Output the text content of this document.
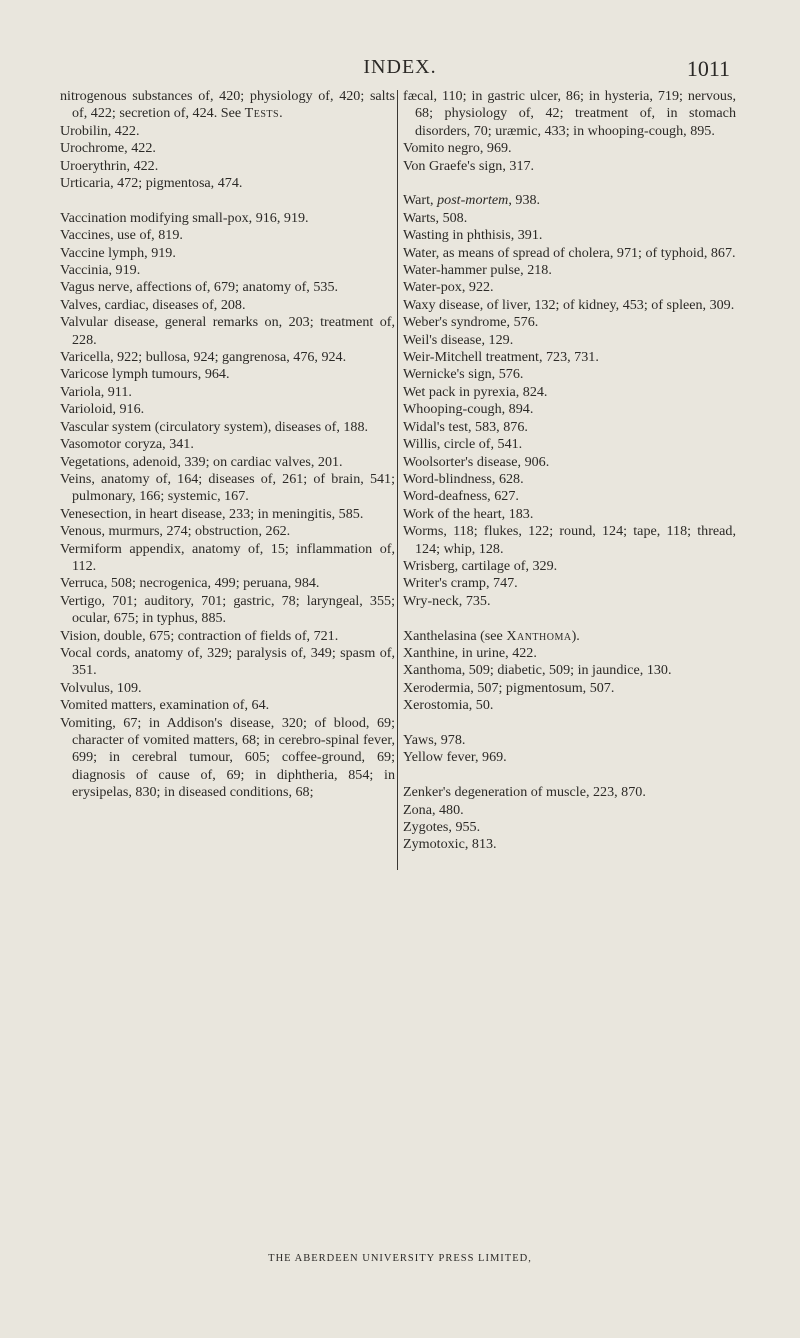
INDEX.	1011

nitrogenous substances of, 420; physiology of, 420; salts of, 422; secretion of, 424. See Tests.

Urobilin, 422.

Urochrome, 422.

Uroerythrin, 422.

Urticaria, 472; pigmentosa, 474.

Vaccination modifying small-pox, 916, 919.

Vaccines, use of, 819.

Vaccine lymph, 919.

Vaccinia, 919.

Vagus nerve, affections of, 679; anatomy of, 535.

Valves, cardiac, diseases of, 208.

Valvular disease, general remarks on, 203; treatment of, 228.

Varicella, 922; bullosa, 924; gangrenosa, 476, 924.

Varicose lymph tumours, 964.

Variola, 911.

Varioloid, 916.

Vascular system (circulatory system), diseases of, 188.

Vasomotor coryza, 341.

Vegetations, adenoid, 339; on cardiac valves, 201.

Veins, anatomy of, 164; diseases of, 261; of brain, 541; pulmonary, 166; systemic, 167.

Venesection, in heart disease, 233; in meningitis, 585.

Venous, murmurs, 274; obstruction, 262.

Vermiform appendix, anatomy of, 15; inflammation of, 112.

Verruca, 508; necrogenica, 499; peruana, 984.

Vertigo, 701; auditory, 701; gastric, 78; laryngeal, 355; ocular, 675; in typhus, 885.

Vision, double, 675; contraction of fields of, 721.

Vocal cords, anatomy of, 329; paralysis of, 349; spasm of, 351.

Volvulus, 109.

Vomited matters, examination of, 64.

Vomiting, 67; in Addison's disease, 320; of blood, 69; character of vomited matters, 68; in cerebro-spinal fever, 699; in cerebral tumour, 605; coffee-ground, 69; diagnosis of cause of, 69; in diphtheria, 854; in erysipelas, 830; in diseased conditions, 68;

fæcal, 110; in gastric ulcer, 86; in hysteria, 719; nervous, 68; physiology of, 42; treatment of, in stomach disorders, 70; uræmic, 433; in whooping-cough, 895.

Vomito negro, 969.

Von Graefe's sign, 317.

Wart, post-mortem, 938.

Warts, 508.

Wasting in phthisis, 391.

Water, as means of spread of cholera, 971; of typhoid, 867.

Water-hammer pulse, 218.

Water-pox, 922.

Waxy disease, of liver, 132; of kidney, 453; of spleen, 309.

Weber's syndrome, 576.

Weil's disease, 129.

Weir-Mitchell treatment, 723, 731.

Wernicke's sign, 576.

Wet pack in pyrexia, 824.

Whooping-cough, 894.

Widal's test, 583, 876.

Willis, circle of, 541.

Woolsorter's disease, 906.

Word-blindness, 628.

Word-deafness, 627.

Work of the heart, 183.

Worms, 118; flukes, 122; round, 124; tape, 118; thread, 124; whip, 128.

Wrisberg, cartilage of, 329.

Writer's cramp, 747.

Wry-neck, 735.

Xanthelasina (see Xanthoma).

Xanthine, in urine, 422.

Xanthoma, 509; diabetic, 509; in jaundice, 130.

Xerodermia, 507; pigmentosum, 507.

Xerostomia, 50.

Yaws, 978.

Yellow fever, 969.

Zenker's degeneration of muscle, 223, 870.

Zona, 480.

Zygotes, 955.

Zymotoxic, 813.

THE ABERDEEN UNIVERSITY PRESS LIMITED,
